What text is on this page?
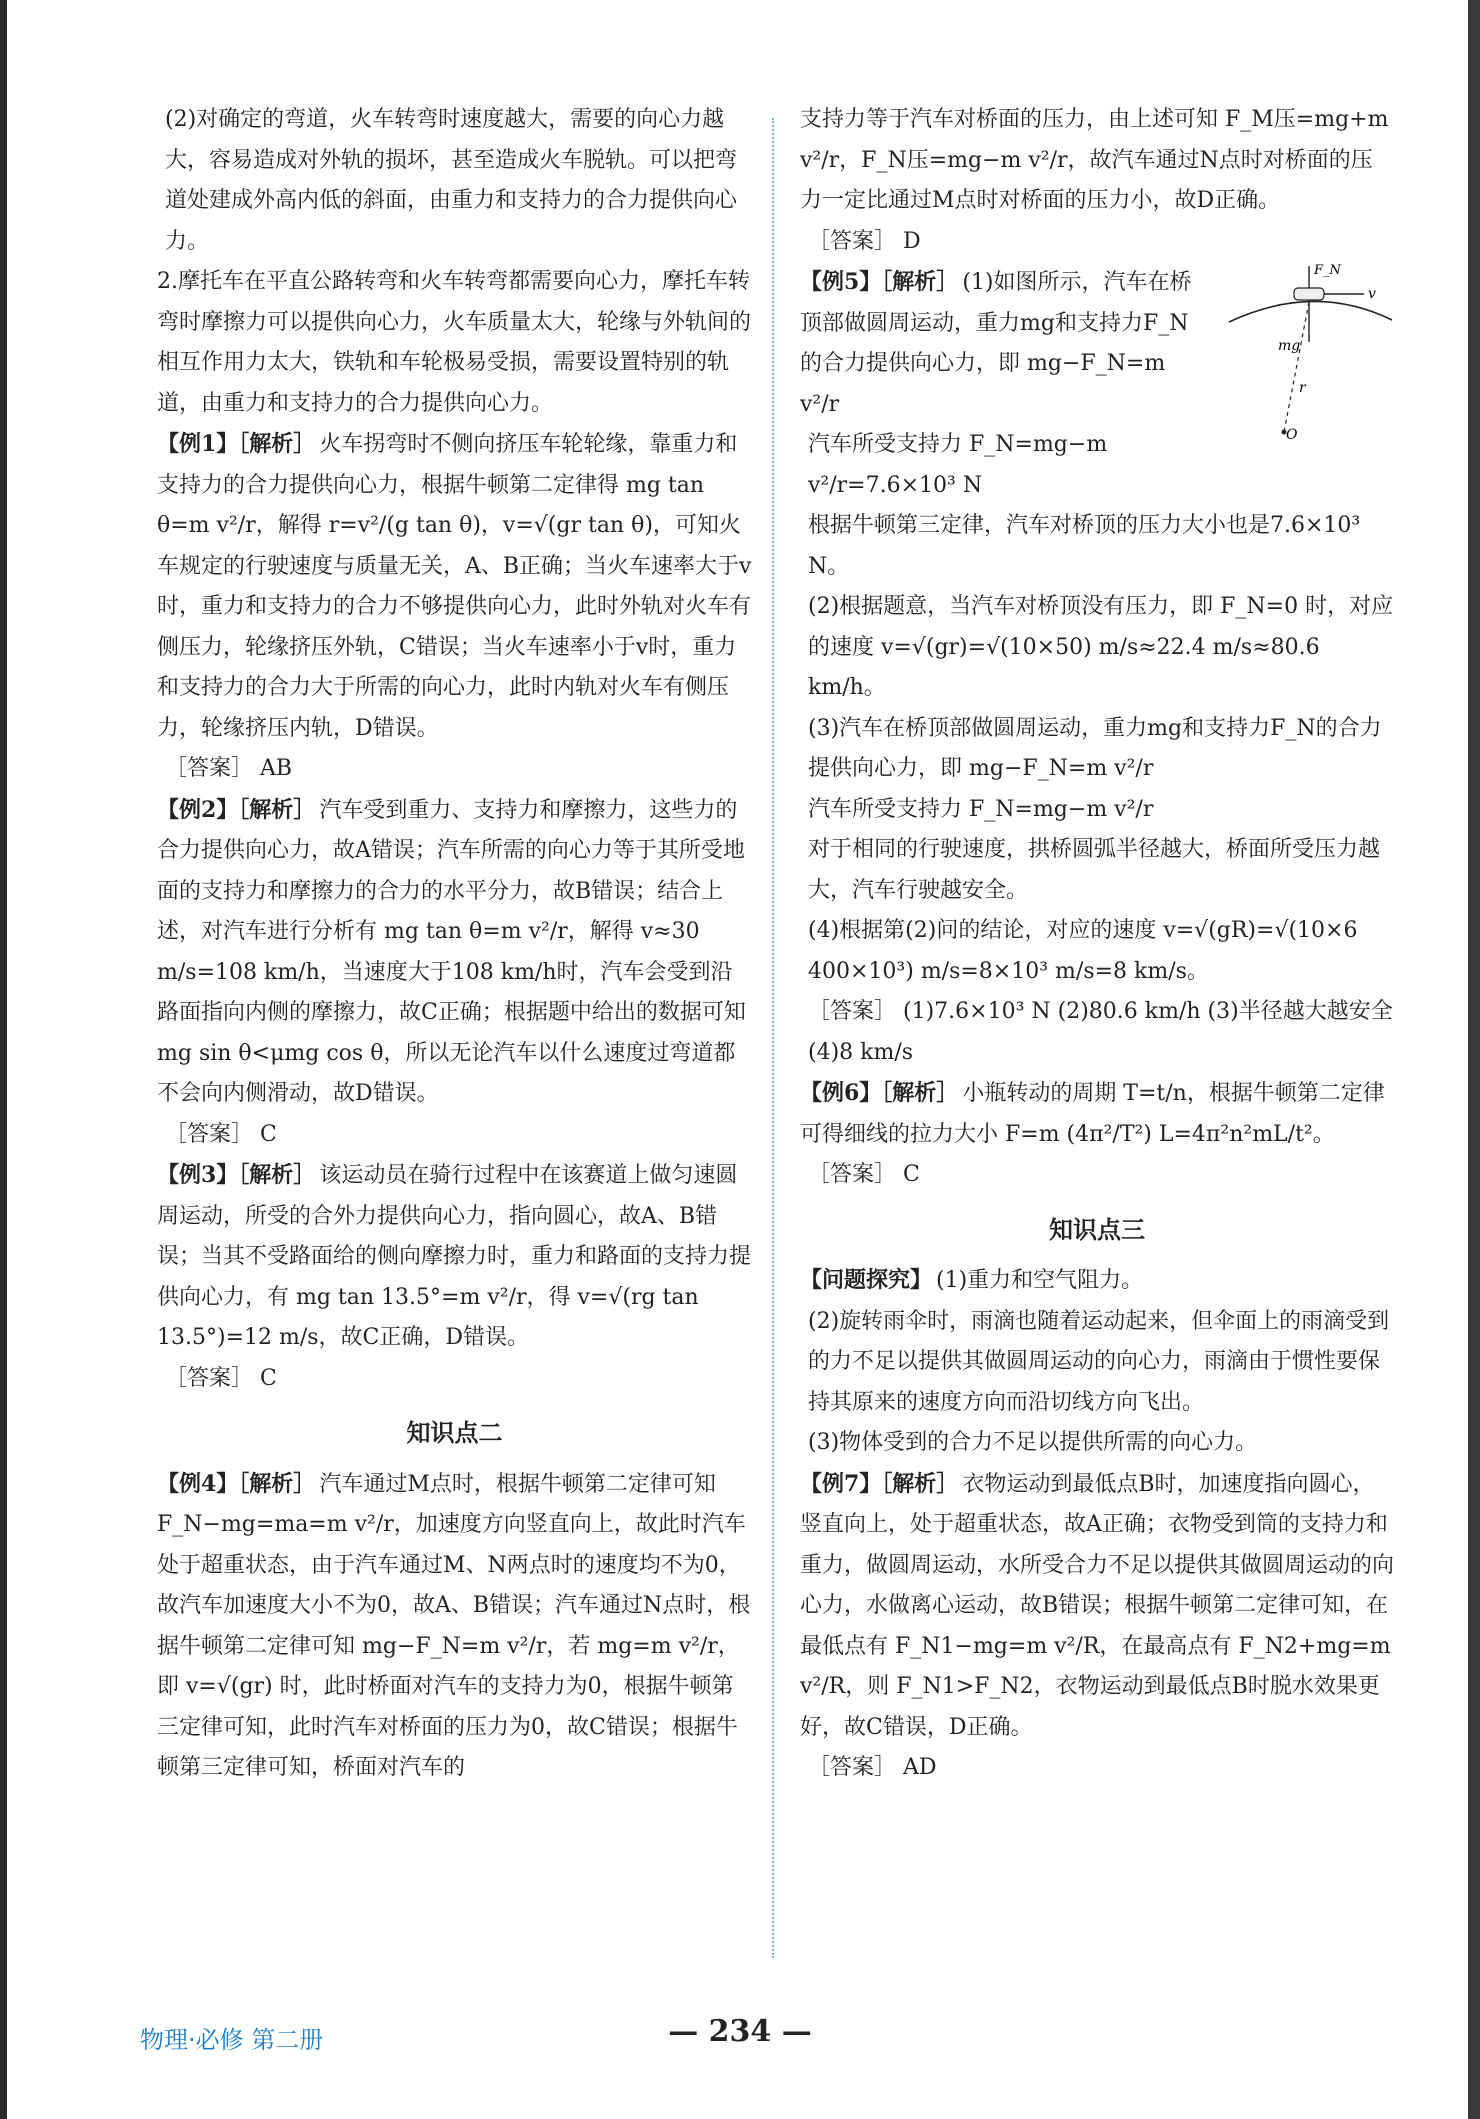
(2)对确定的弯道，火车转弯时速度越大，需要的向心力越大，容易造成对外轨的损坏，甚至造成火车脱轨。可以把弯道处建成外高内低的斜面，由重力和支持力的合力提供向心力。

2.摩托车在平直公路转弯和火车转弯都需要向心力，摩托车转弯时摩擦力可以提供向心力，火车质量太大，轮缘与外轨间的相互作用力太大，铁轨和车轮极易受损，需要设置特别的轨道，由重力和支持力的合力提供向心力。

【例1】［解析］ 火车拐弯时不侧向挤压车轮轮缘，靠重力和支持力的合力提供向心力，根据牛顿第二定律得 mg tan θ=m v²/r，解得 r=v²/(g tan θ)，v=√(gr tan θ)，可知火车规定的行驶速度与质量无关，A、B正确；当火车速率大于v时，重力和支持力的合力不够提供向心力，此时外轨对火车有侧压力，轮缘挤压外轨，C错误；当火车速率小于v时，重力和支持力的合力大于所需的向心力，此时内轨对火车有侧压力，轮缘挤压内轨，D错误。

［答案］ AB

【例2】［解析］ 汽车受到重力、支持力和摩擦力，这些力的合力提供向心力，故A错误；汽车所需的向心力等于其所受地面的支持力和摩擦力的合力的水平分力，故B错误；结合上述，对汽车进行分析有 mg tan θ=m v²/r，解得 v≈30 m/s=108 km/h，当速度大于108 km/h时，汽车会受到沿路面指向内侧的摩擦力，故C正确；根据题中给出的数据可知 mg sin θ<μmg cos θ，所以无论汽车以什么速度过弯道都不会向内侧滑动，故D错误。

［答案］ C

【例3】［解析］ 该运动员在骑行过程中在该赛道上做匀速圆周运动，所受的合外力提供向心力，指向圆心，故A、B错误；当其不受路面给的侧向摩擦力时，重力和路面的支持力提供向心力，有 mg tan 13.5°=m v²/r，得 v=√(rg tan 13.5°)=12 m/s，故C正确，D错误。

［答案］ C

知识点二

【例4】［解析］ 汽车通过M点时，根据牛顿第二定律可知 F_N−mg=ma=m v²/r，加速度方向竖直向上，故此时汽车处于超重状态，由于汽车通过M、N两点时的速度均不为0，故汽车加速度大小不为0，故A、B错误；汽车通过N点时，根据牛顿第二定律可知 mg−F_N=m v²/r，若 mg=m v²/r，即 v=√(gr) 时，此时桥面对汽车的支持力为0，根据牛顿第三定律可知，此时汽车对桥面的压力为0，故C错误；根据牛顿第三定律可知，桥面对汽车的

支持力等于汽车对桥面的压力，由上述可知 F_M压=mg+m v²/r，F_N压=mg−m v²/r，故汽车通过N点时对桥面的压力一定比通过M点时对桥面的压力小，故D正确。

［答案］ D

F_N
v
mg
r
O

【例5】［解析］ (1)如图所示，汽车在桥顶部做圆周运动，重力mg和支持力F_N的合力提供向心力，即 mg−F_N=m v²/r

汽车所受支持力 F_N=mg−m v²/r=7.6×10³ N

根据牛顿第三定律，汽车对桥顶的压力大小也是7.6×10³ N。

(2)根据题意，当汽车对桥顶没有压力，即 F_N=0 时，对应的速度 v=√(gr)=√(10×50) m/s≈22.4 m/s≈80.6 km/h。

(3)汽车在桥顶部做圆周运动，重力mg和支持力F_N的合力提供向心力，即 mg−F_N=m v²/r

汽车所受支持力 F_N=mg−m v²/r

对于相同的行驶速度，拱桥圆弧半径越大，桥面所受压力越大，汽车行驶越安全。

(4)根据第(2)问的结论，对应的速度 v=√(gR)=√(10×6 400×10³) m/s=8×10³ m/s=8 km/s。

［答案］ (1)7.6×10³ N (2)80.6 km/h (3)半径越大越安全 (4)8 km/s

【例6】［解析］ 小瓶转动的周期 T=t/n，根据牛顿第二定律可得细线的拉力大小 F=m (4π²/T²) L=4π²n²mL/t²。

［答案］ C

知识点三

【问题探究】 (1)重力和空气阻力。

(2)旋转雨伞时，雨滴也随着运动起来，但伞面上的雨滴受到的力不足以提供其做圆周运动的向心力，雨滴由于惯性要保持其原来的速度方向而沿切线方向飞出。

(3)物体受到的合力不足以提供所需的向心力。

【例7】［解析］ 衣物运动到最低点B时，加速度指向圆心，竖直向上，处于超重状态，故A正确；衣物受到筒的支持力和重力，做圆周运动，水所受合力不足以提供其做圆周运动的向心力，水做离心运动，故B错误；根据牛顿第二定律可知，在最低点有 F_N1−mg=m v²/R，在最高点有 F_N2+mg=m v²/R，则 F_N1>F_N2，衣物运动到最低点B时脱水效果更好，故C错误，D正确。

［答案］ AD

物理·必修 第二册	— 234 —
